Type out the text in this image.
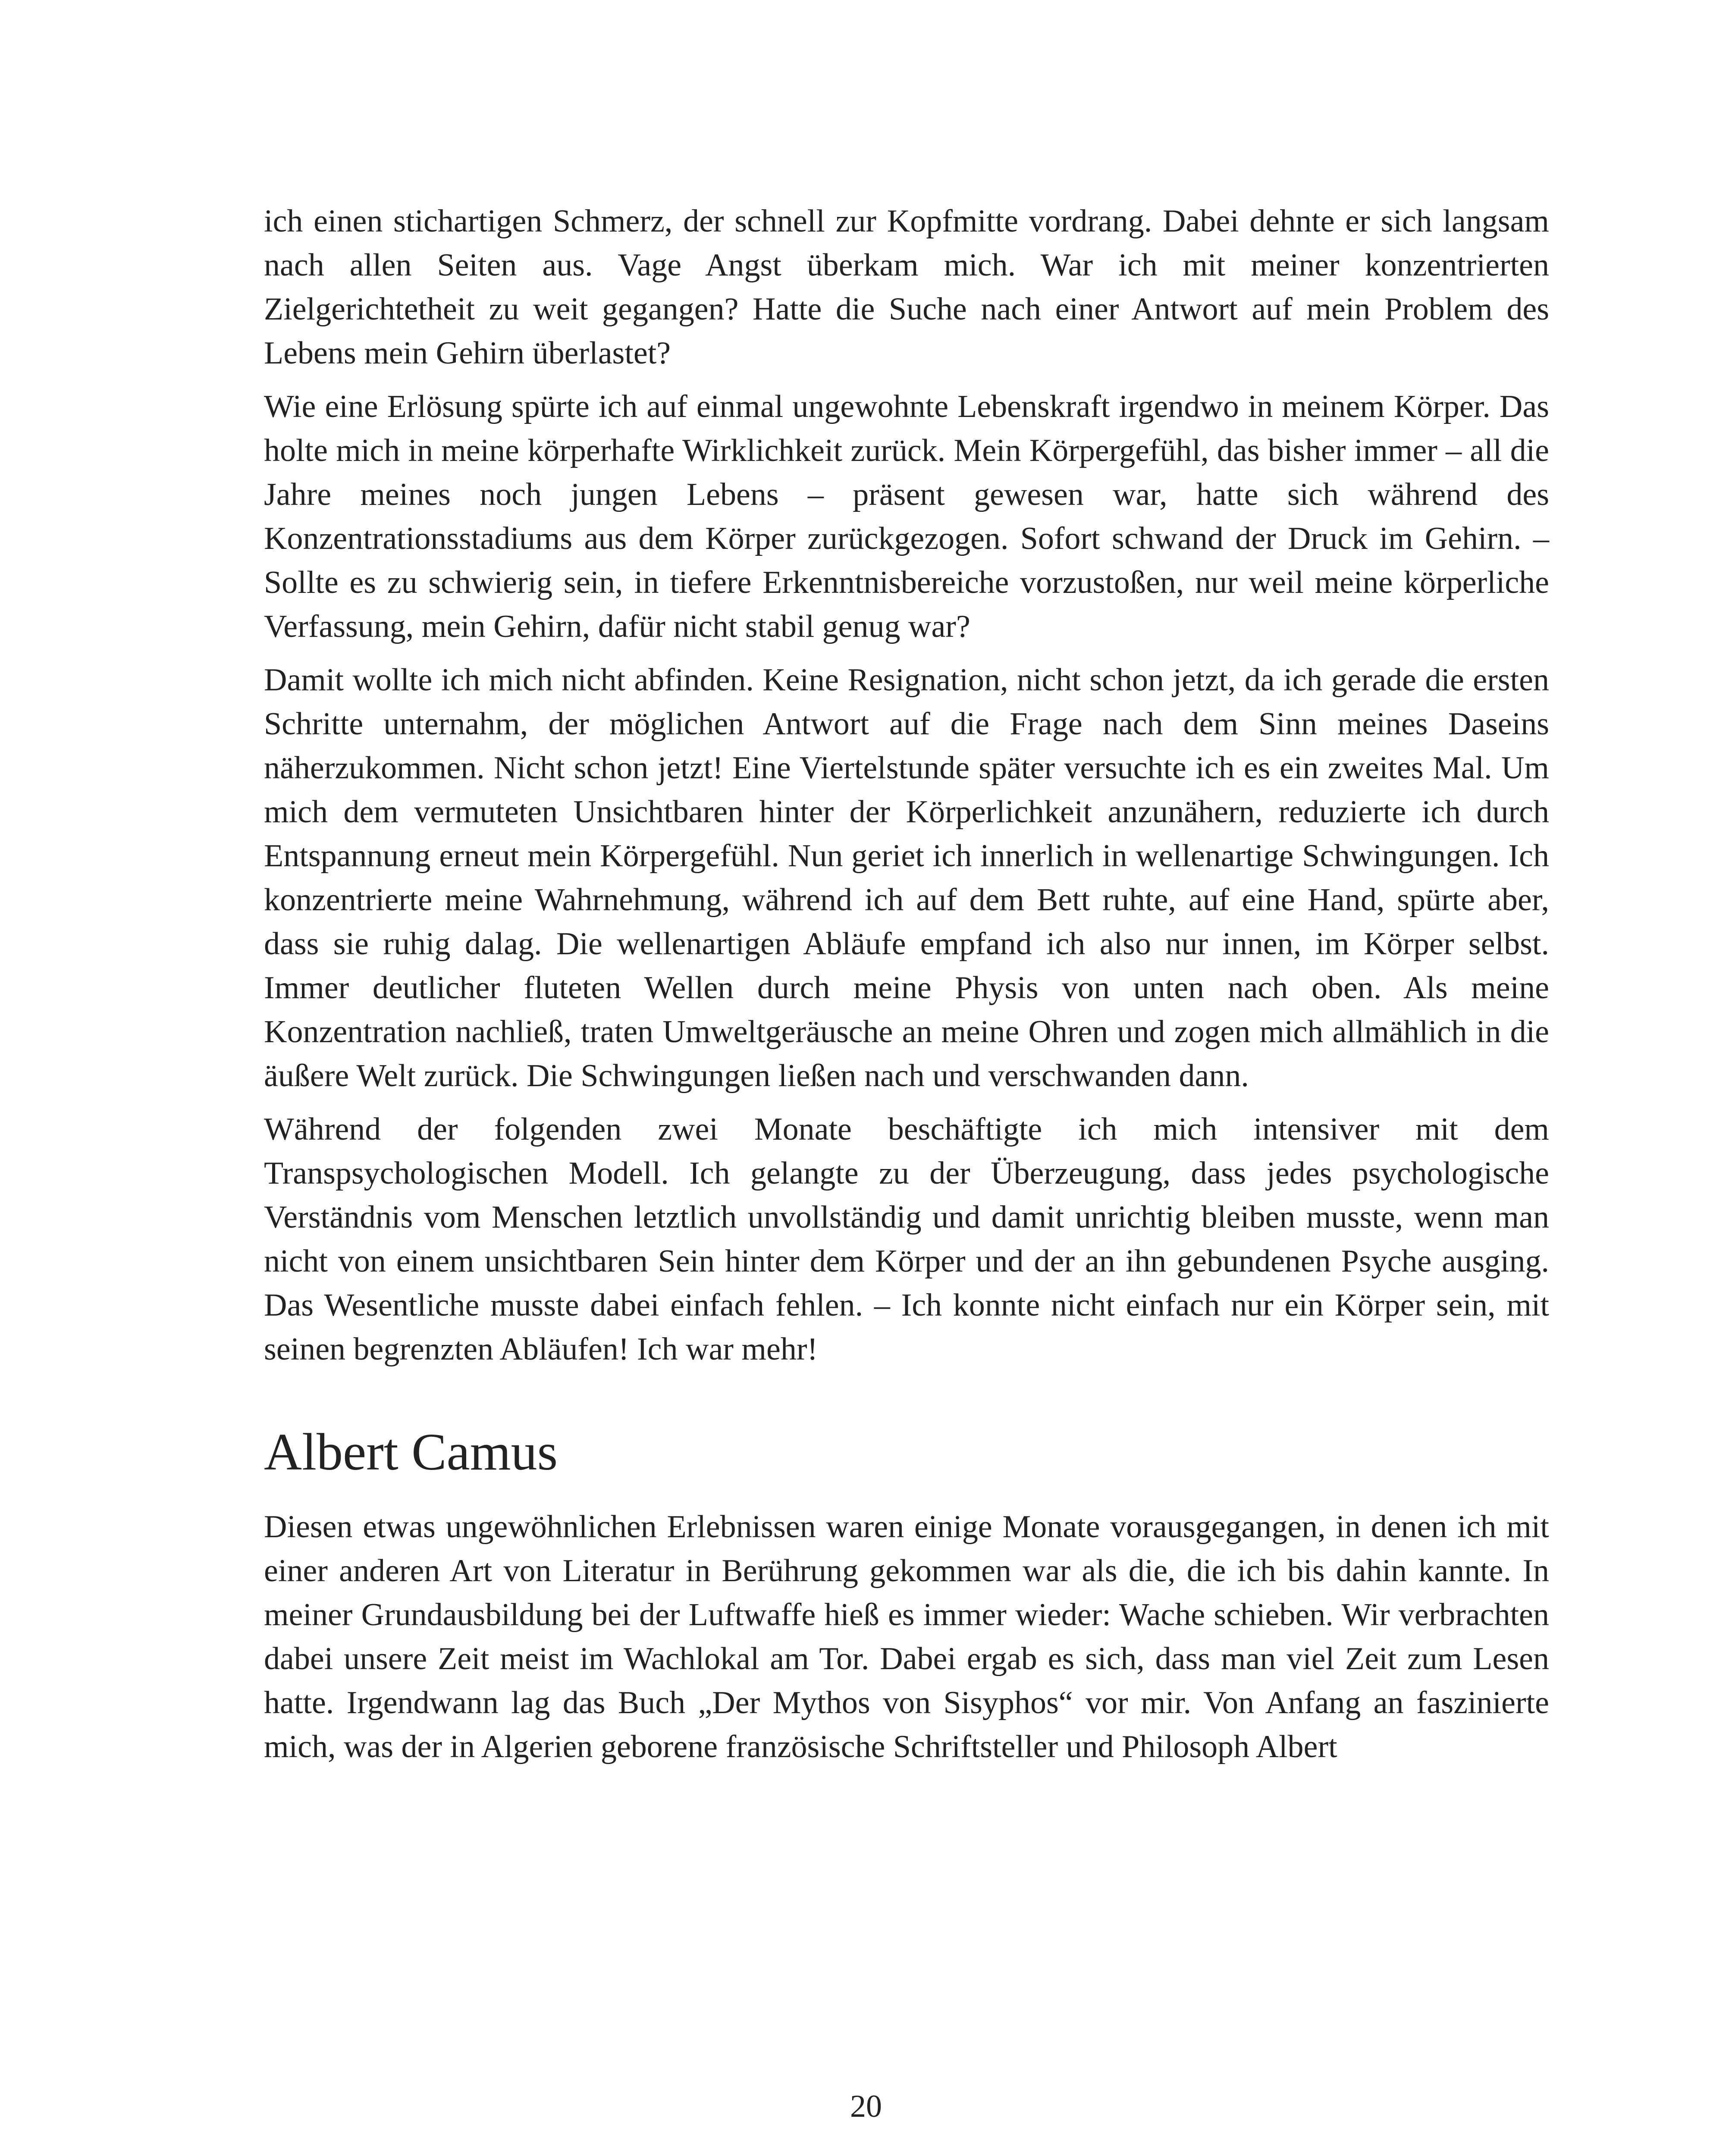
ich einen stichartigen Schmerz, der schnell zur Kopfmitte vordrang. Dabei dehnte er sich langsam nach allen Seiten aus. Vage Angst überkam mich. War ich mit meiner konzentrierten Zielgerichtetheit zu weit gegangen? Hatte die Suche nach einer Antwort auf mein Problem des Lebens mein Gehirn überlastet?

Wie eine Erlösung spürte ich auf einmal ungewohnte Lebenskraft irgendwo in meinem Körper. Das holte mich in meine körperhafte Wirklichkeit zurück. Mein Körpergefühl, das bisher immer – all die Jahre meines noch jungen Lebens – präsent gewesen war, hatte sich während des Konzentrationsstadiums aus dem Körper zurückgezogen. Sofort schwand der Druck im Gehirn. – Sollte es zu schwierig sein, in tiefere Erkenntnisbereiche vorzustoßen, nur weil meine körperliche Verfassung, mein Gehirn, dafür nicht stabil genug war?

Damit wollte ich mich nicht abfinden. Keine Resignation, nicht schon jetzt, da ich gerade die ersten Schritte unternahm, der möglichen Antwort auf die Frage nach dem Sinn meines Daseins näherzukommen. Nicht schon jetzt! Eine Viertelstunde später versuchte ich es ein zweites Mal. Um mich dem vermuteten Unsichtbaren hinter der Körperlichkeit anzunähern, reduzierte ich durch Entspannung erneut mein Körpergefühl. Nun geriet ich innerlich in wellenartige Schwingungen. Ich konzentrierte meine Wahrnehmung, während ich auf dem Bett ruhte, auf eine Hand, spürte aber, dass sie ruhig dalag. Die wellenartigen Abläufe empfand ich also nur innen, im Körper selbst. Immer deutlicher fluteten Wellen durch meine Physis von unten nach oben. Als meine Konzentration nachließ, traten Umweltgeräusche an meine Ohren und zogen mich allmählich in die äußere Welt zurück. Die Schwingungen ließen nach und verschwanden dann.

Während der folgenden zwei Monate beschäftigte ich mich intensiver mit dem Transpsychologischen Modell. Ich gelangte zu der Überzeugung, dass jedes psychologische Verständnis vom Menschen letztlich unvollständig und damit unrichtig bleiben musste, wenn man nicht von einem unsichtbaren Sein hinter dem Körper und der an ihn gebundenen Psyche ausging. Das Wesentliche musste dabei einfach fehlen. – Ich konnte nicht einfach nur ein Körper sein, mit seinen begrenzten Abläufen! Ich war mehr!

Albert Camus

Diesen etwas ungewöhnlichen Erlebnissen waren einige Monate vorausgegangen, in denen ich mit einer anderen Art von Literatur in Berührung gekommen war als die, die ich bis dahin kannte. In meiner Grundausbildung bei der Luftwaffe hieß es immer wieder: Wache schieben. Wir verbrachten dabei unsere Zeit meist im Wachlokal am Tor. Dabei ergab es sich, dass man viel Zeit zum Lesen hatte. Irgendwann lag das Buch „Der Mythos von Sisyphos“ vor mir. Von Anfang an faszinierte mich, was der in Algerien geborene französische Schriftsteller und Philosoph Albert

20
